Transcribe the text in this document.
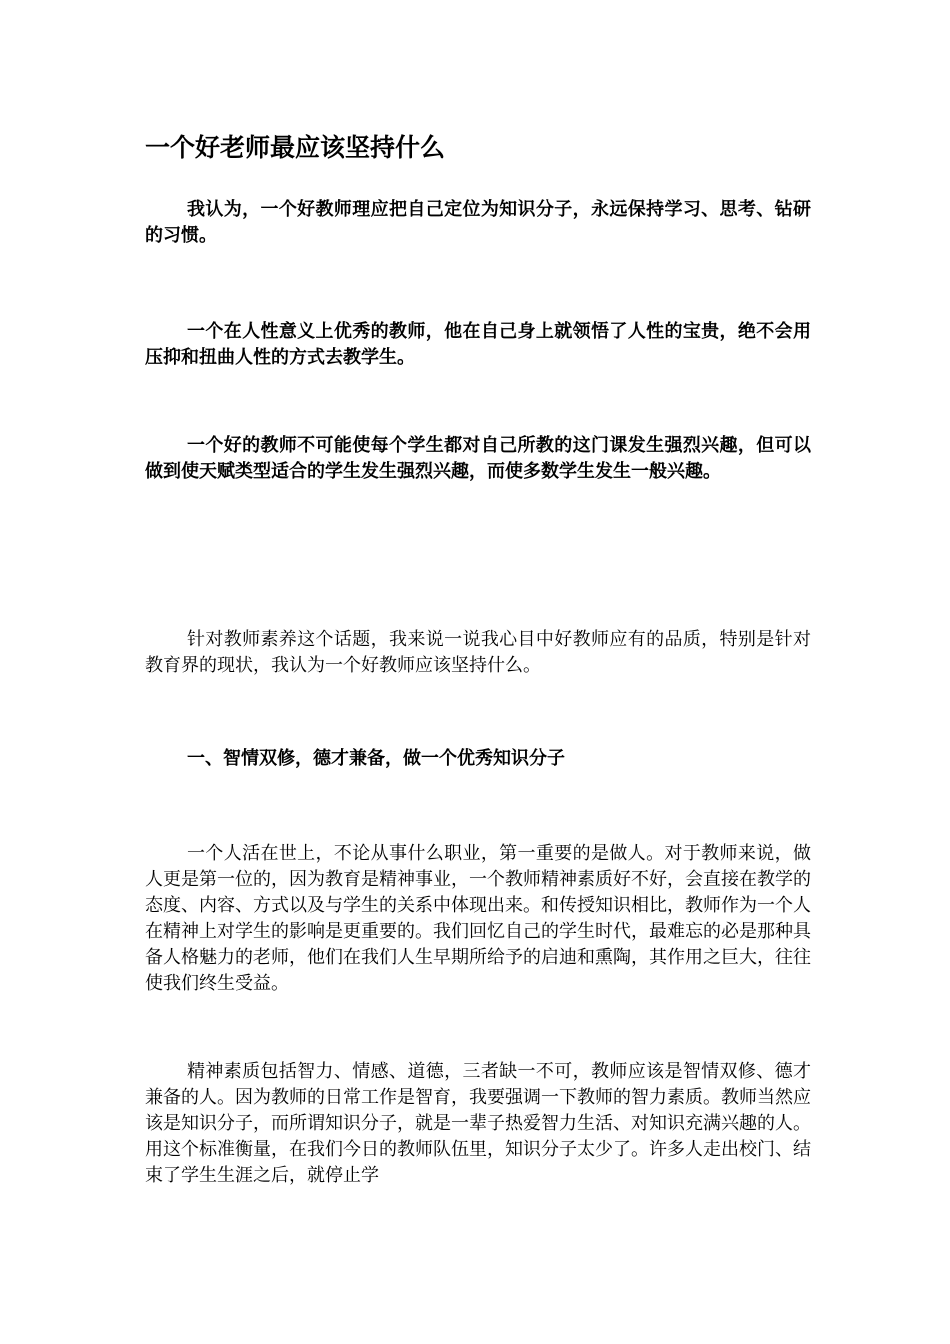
一个好老师最应该坚持什么
我认为，一个好教师理应把自己定位为知识分子，永远保持学习、思考、钻研的习惯。
一个在人性意义上优秀的教师，他在自己身上就领悟了人性的宝贵，绝不会用压抑和扭曲人性的方式去教学生。
一个好的教师不可能使每个学生都对自己所教的这门课发生强烈兴趣，但可以做到使天赋类型适合的学生发生强烈兴趣，而使多数学生发生一般兴趣。
针对教师素养这个话题，我来说一说我心目中好教师应有的品质，特别是针对教育界的现状，我认为一个好教师应该坚持什么。
一、智情双修，德才兼备，做一个优秀知识分子
一个人活在世上，不论从事什么职业，第一重要的是做人。对于教师来说，做人更是第一位的，因为教育是精神事业，一个教师精神素质好不好，会直接在教学的态度、内容、方式以及与学生的关系中体现出来。和传授知识相比，教师作为一个人在精神上对学生的影响是更重要的。我们回忆自己的学生时代，最难忘的必是那种具备人格魅力的老师，他们在我们人生早期所给予的启迪和熏陶，其作用之巨大，往往使我们终生受益。
精神素质包括智力、情感、道德，三者缺一不可，教师应该是智情双修、德才兼备的人。因为教师的日常工作是智育，我要强调一下教师的智力素质。教师当然应该是知识分子，而所谓知识分子，就是一辈子热爱智力生活、对知识充满兴趣的人。用这个标准衡量，在我们今日的教师队伍里，知识分子太少了。许多人走出校门、结束了学生生涯之后，就停止学
